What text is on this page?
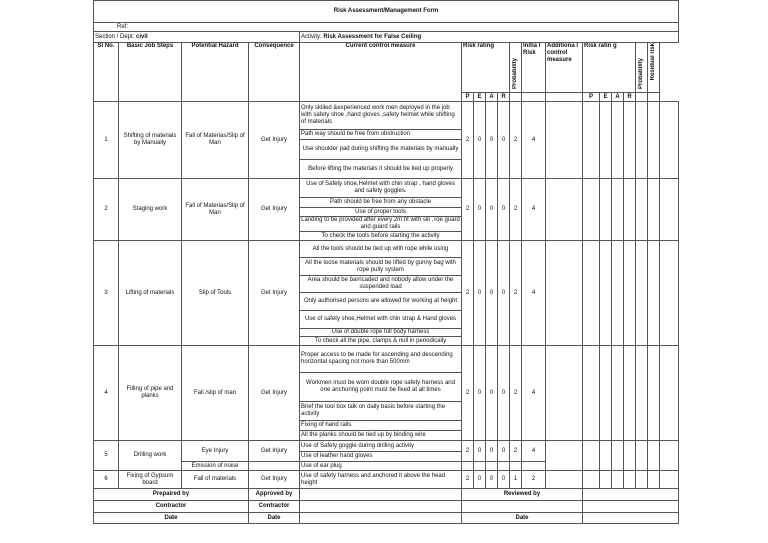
Risk Assessment/Management Form																		
Ref:																		
Section / Dept: civil				Activity: Risk Assessment for False Ceiling														
Sl No.	Basic Job Steps	Potential Hazard	Consequence	Current control measure	Risk rating				Probability	Initia l Risk	Additiona l control measure	Risk ratin g				Probability	Residual risk	
					P	E	A	R				P	E	A	R			
1	Shifting of materials by Manually	Fall of Materias/Slip of Man	Get Injury	Only skilled &experienced work men deployed in the job with safety shoe ,hand gloves ,safety helmet while shifting of materials	2	0	0	0	2	4								
				Path way should be free from obstruction														
				Use shoulder pad during shifting the materials by manually														
				Before lifting the materials it should be tied up properly														
2	Staging work	Fall of Materias/Slip of Man	Get Injury	Use of Safety shoe,Helmet with chin strap , hand gloves and safety goggles.	2	0	0	0	2	4								
				Path should be free from any obstacle														
				Use of proper tools														
				Landing to be provided after every 2m ht with sill ,Toe guard and guard rails														
				To check the tools before starting the activity														
3	Lifting of materials	Slip of Tools	Get Injury	All the tools should be tied up with rope while using	2	0	0	0	2	4								
				All the loose materials should be lifted by gunny bag with rope pully system														
				Area should be barricaded and nobody allow under the suspended load														
				Only authorised persons are allowed for working at height														
				Use of safety shoe,Helmet with chin strap & Hand gloves														
				Use of double rope full body harness														
				To check all the pipe, clamps & null in periodically														
4	Filling of pipe and planks	Fall /slip of man	Get Injury	Proper access to be made for ascending and descending horizontal spacing not more than 500mm	2	0	0	0	2	4								
				Workmen must be worn double rope safety harness and one anchoring point must be fixed at all times														
				Brief the tool box talk on daily basis before starting the activity														
				Fixing of hand rails														
				All the planks should be tied up by binding wire														
5	Drilling work	Eye Injury	Get Injury	Use of Safety goggle during drilling activity	2	0	0	0	2	4								
				Use of leather hand gloves														
		Emission of noise		Use of ear plug														
6	Fixing of Gypsum board	Fall of materials	Get Injury	Use of safety harness and anchored it above the head height	2	0	0	0	1	2								
Prepaired by			Approved by		Reviewed by													
Contractor			Contractor															
Date			Date		Date													
